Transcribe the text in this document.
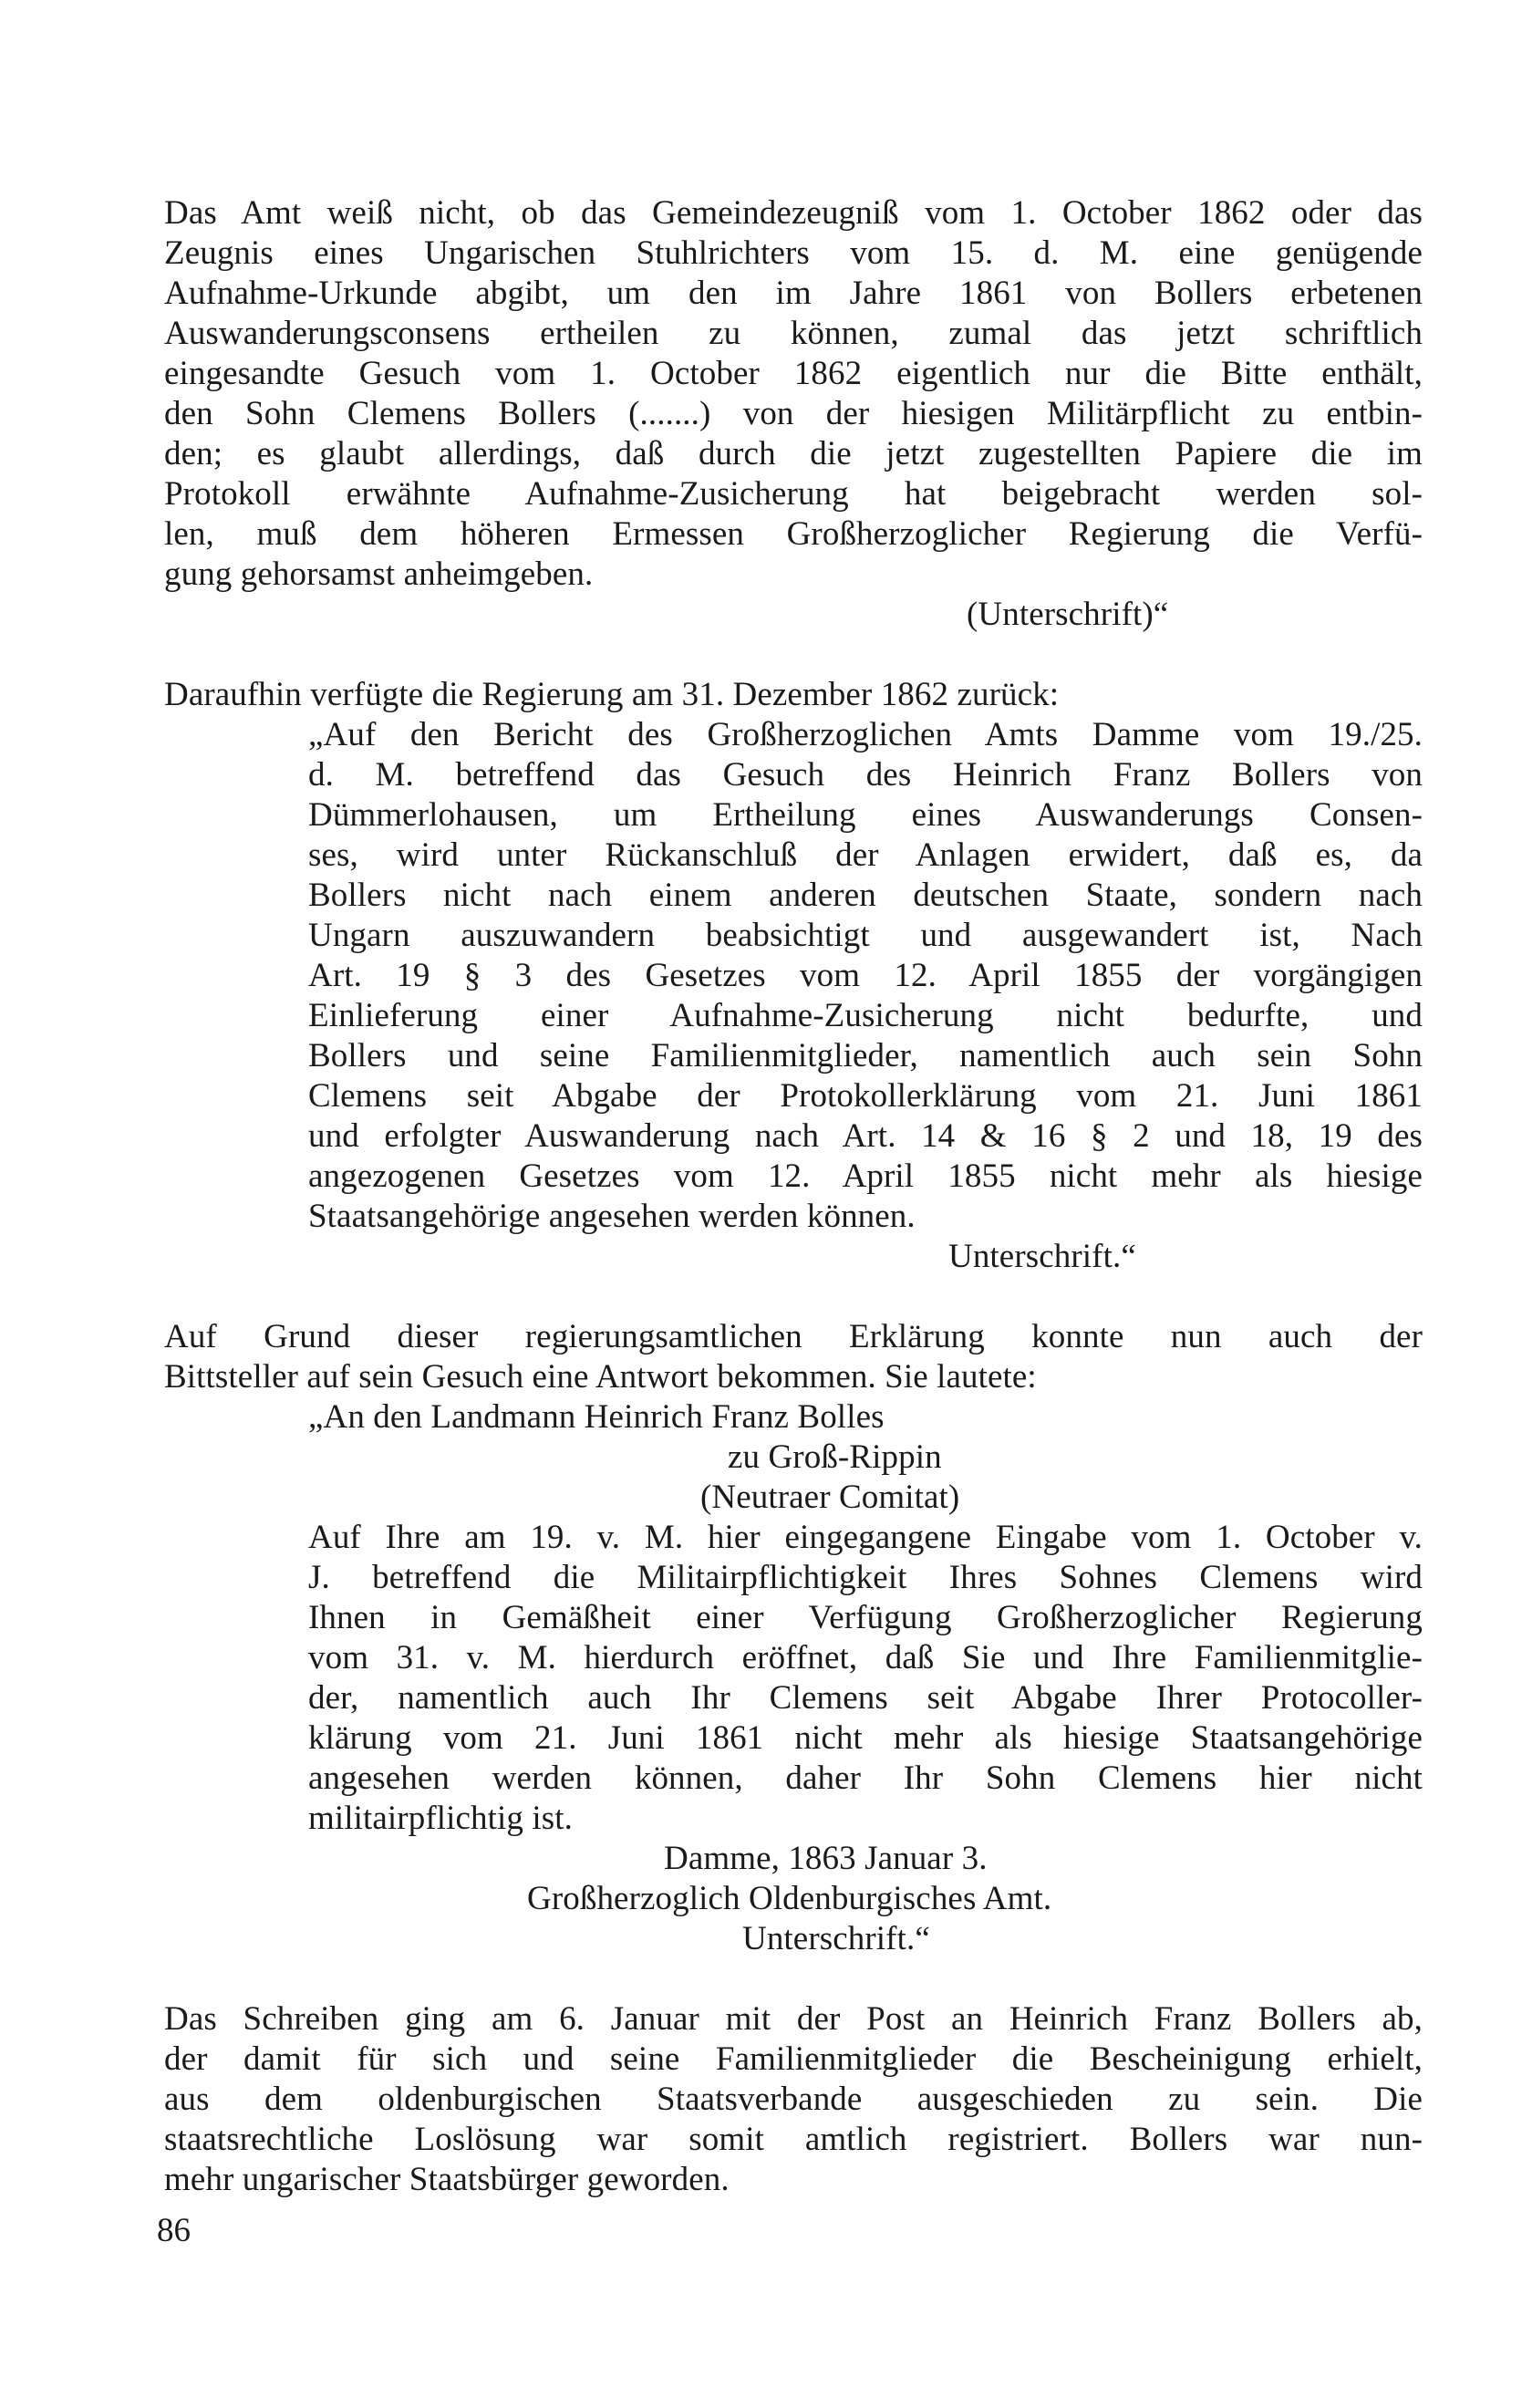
Das Amt weiß nicht, ob das Gemeindezeugniß vom 1. October 1862 oder das
Zeugnis eines Ungarischen Stuhlrichters vom 15. d. M. eine genügende
Aufnahme-Urkunde abgibt, um den im Jahre 1861 von Bollers erbetenen
Auswanderungsconsens ertheilen zu können, zumal das jetzt schriftlich
eingesandte Gesuch vom 1. October 1862 eigentlich nur die Bitte enthält,
den Sohn Clemens Bollers (.......) von der hiesigen Militärpflicht zu entbin-
den; es glaubt allerdings, daß durch die jetzt zugestellten Papiere die im
Protokoll erwähnte Aufnahme-Zusicherung hat beigebracht werden sol-
len, muß dem höheren Ermessen Großherzoglicher Regierung die Verfü-
gung gehorsamst anheimgeben.
(Unterschrift)“
Daraufhin verfügte die Regierung am 31. Dezember 1862 zurück:
„Auf den Bericht des Großherzoglichen Amts Damme vom 19./25.
d. M. betreffend das Gesuch des Heinrich Franz Bollers von
Dümmerlohausen, um Ertheilung eines Auswanderungs Consen-
ses, wird unter Rückanschluß der Anlagen erwidert, daß es, da
Bollers nicht nach einem anderen deutschen Staate, sondern nach
Ungarn auszuwandern beabsichtigt und ausgewandert ist, Nach
Art. 19 § 3 des Gesetzes vom 12. April 1855 der vorgängigen
Einlieferung einer Aufnahme-Zusicherung nicht bedurfte, und
Bollers und seine Familienmitglieder, namentlich auch sein Sohn
Clemens seit Abgabe der Protokollerklärung vom 21. Juni 1861
und erfolgter Auswanderung nach Art. 14 & 16 § 2 und 18, 19 des
angezogenen Gesetzes vom 12. April 1855 nicht mehr als hiesige
Staatsangehörige angesehen werden können.
Unterschrift.“
Auf Grund dieser regierungsamtlichen Erklärung konnte nun auch der
Bittsteller auf sein Gesuch eine Antwort bekommen. Sie lautete:
„An den Landmann Heinrich Franz Bolles
zu Groß-Rippin
(Neutraer Comitat)
Auf Ihre am 19. v. M. hier eingegangene Eingabe vom 1. October v.
J. betreffend die Militairpflichtigkeit Ihres Sohnes Clemens wird
Ihnen in Gemäßheit einer Verfügung Großherzoglicher Regierung
vom 31. v. M. hierdurch eröffnet, daß Sie und Ihre Familienmitglie-
der, namentlich auch Ihr Clemens seit Abgabe Ihrer Protocoller-
klärung vom 21. Juni 1861 nicht mehr als hiesige Staatsangehörige
angesehen werden können, daher Ihr Sohn Clemens hier nicht
militairpflichtig ist.
Damme, 1863 Januar 3.
Großherzoglich Oldenburgisches Amt.
Unterschrift.“
Das Schreiben ging am 6. Januar mit der Post an Heinrich Franz Bollers ab,
der damit für sich und seine Familienmitglieder die Bescheinigung erhielt,
aus dem oldenburgischen Staatsverbande ausgeschieden zu sein. Die
staatsrechtliche Loslösung war somit amtlich registriert. Bollers war nun-
mehr ungarischer Staatsbürger geworden.
86
